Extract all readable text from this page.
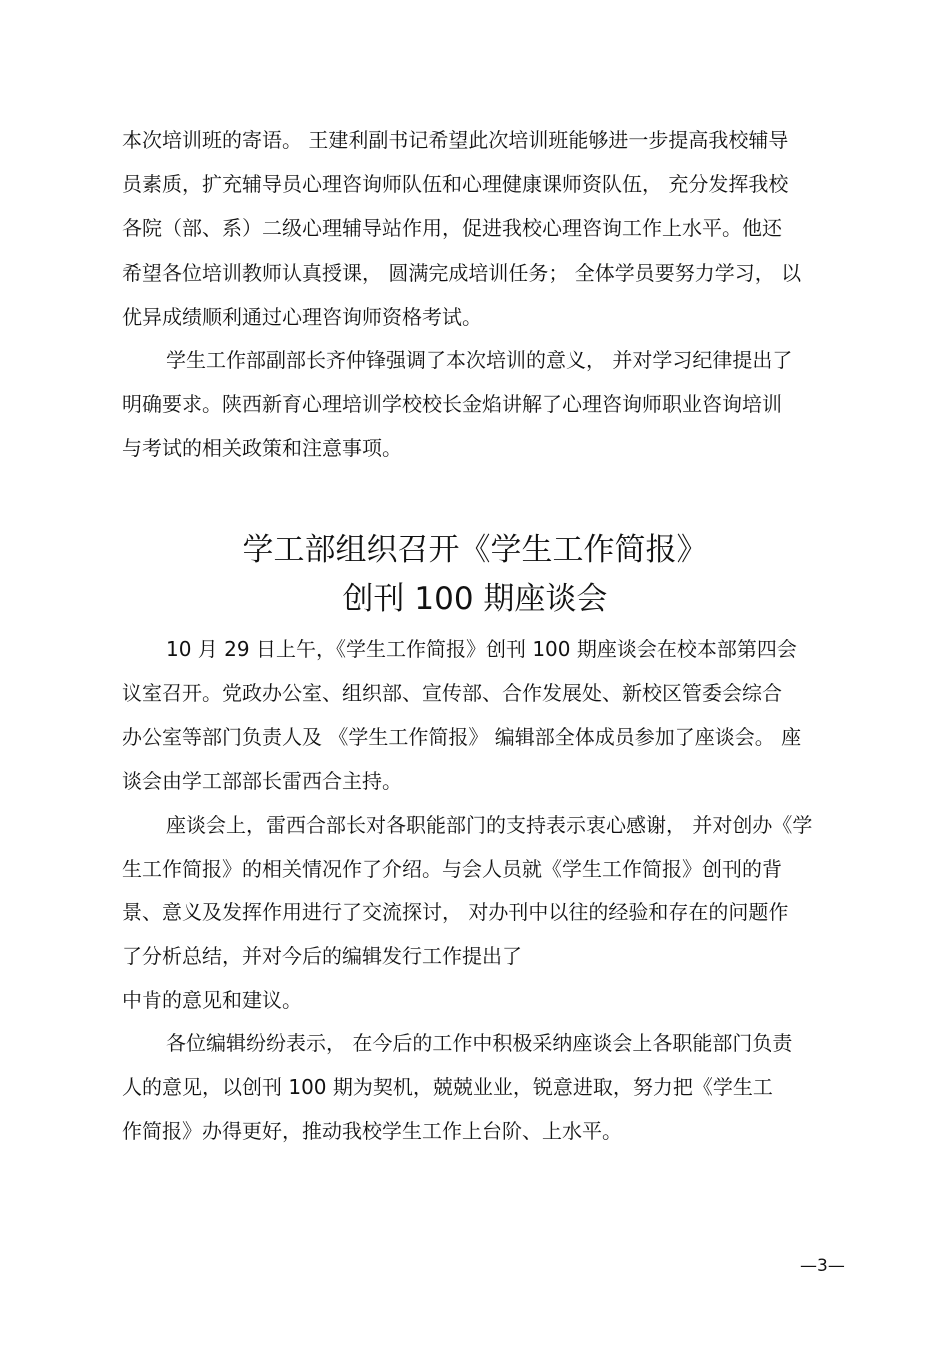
本次培训班的寄语。 王建利副书记希望此次培训班能够进一步提高我校辅导
员素质，扩充辅导员心理咨询师队伍和心理健康课师资队伍， 充分发挥我校
各院（部、系）二级心理辅导站作用，促进我校心理咨询工作上水平。他还
希望各位培训教师认真授课， 圆满完成培训任务； 全体学员要努力学习， 以
优异成绩顺利通过心理咨询师资格考试。
学生工作部副部长齐仲锋强调了本次培训的意义， 并对学习纪律提出了
明确要求。陕西新育心理培训学校校长金焰讲解了心理咨询师职业咨询培训
与考试的相关政策和注意事项。
学工部组织召开《学生工作简报》
创刊 100 期座谈会
10 月 29 日上午，《学生工作简报》创刊 100 期座谈会在校本部第四会
议室召开。党政办公室、组织部、宣传部、合作发展处、新校区管委会综合
办公室等部门负责人及 《学生工作简报》 编辑部全体成员参加了座谈会。 座
谈会由学工部部长雷西合主持。
座谈会上，雷西合部长对各职能部门的支持表示衷心感谢， 并对创办《学
生工作简报》的相关情况作了介绍。与会人员就《学生工作简报》创刊的背
景、意义及发挥作用进行了交流探讨， 对办刊中以往的经验和存在的问题作
了分析总结，并对今后的编辑发行工作提出了
中肯的意见和建议。
各位编辑纷纷表示， 在今后的工作中积极采纳座谈会上各职能部门负责
人的意见，以创刊 100 期为契机，兢兢业业，锐意进取，努力把《学生工
作简报》办得更好，推动我校学生工作上台阶、上水平。
—3—
